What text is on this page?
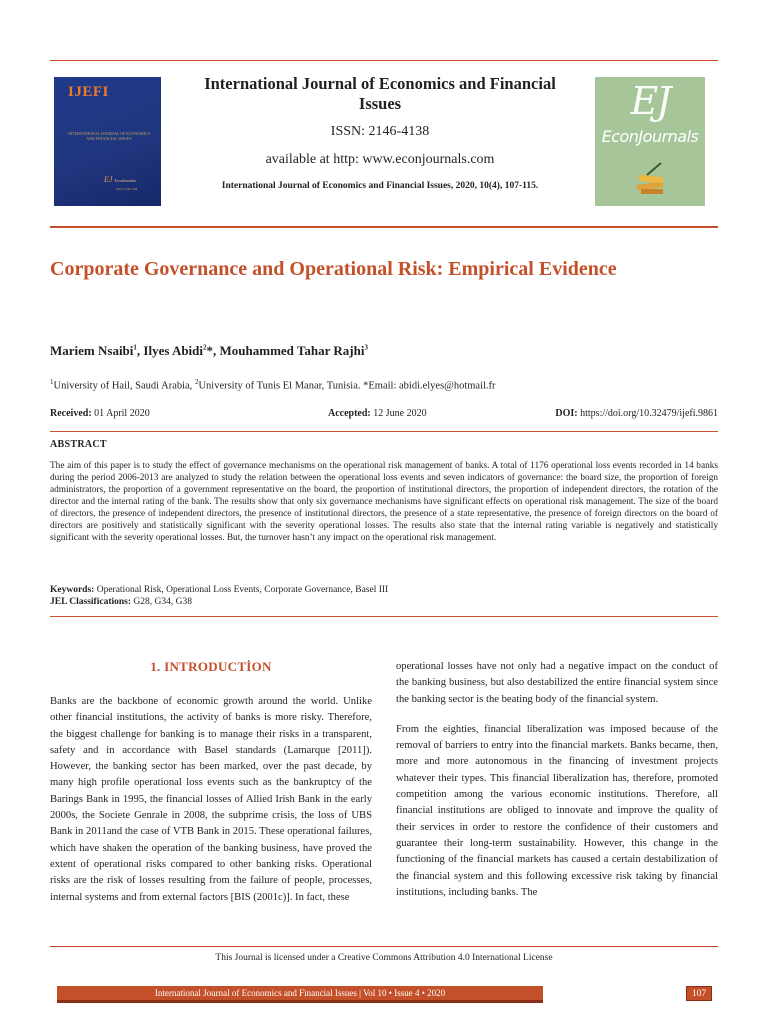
IJEFI
INTERNATIONAL JOURNAL OF ECONOMICS AND FINANCIAL ISSUES
EJ EconJournals
ISSN: 2146-4138
International Journal of Economics and Financial Issues
ISSN: 2146-4138
available at http: www.econjournals.com
International Journal of Economics and Financial Issues, 2020, 10(4), 107-115.
EJ
EconJournals
Corporate Governance and Operational Risk: Empirical Evidence
Mariem Nsaibi$^1$, Ilyes Abidi$^2$*, Mouhammed Tahar Rajhi$^3$
$^1$University of Hail, Saudi Arabia, $^2$University of Tunis El Manar, Tunisia. *Email: abidi.elyes@hotmail.fr
Received: 01 April 2020	Accepted: 12 June 2020	DOI: https://doi.org/10.32479/ijefi.9861
ABSTRACT
The aim of this paper is to study the effect of governance mechanisms on the operational risk management of banks. A total of 1176 operational loss events recorded in 14 banks during the period 2006-2013 are analyzed to study the relation between the operational loss events and seven indicators of governance: the board size, the proportion of foreign administrators, the proportion of a government representative on the board, the proportion of institutional directors, the proportion of independent directors, the rotation of the director and the internal rating of the bank. The results show that only six governance mechanisms have significant effects on operational risk management. The size of the board of directors, the presence of independent directors, the presence of institutional directors, the presence of a state representative, the presence of foreign directors on the board of directors are positively and statistically significant with the severity operational losses. The results also state that the internal rating variable is negatively and statistically significant with the severity operational losses. But, the turnover hasn’t any impact on the operational risk management.
Keywords: Operational Risk, Operational Loss Events, Corporate Governance, Basel III
JEL Classifications: G28, G34, G38
1. INTRODUCTİON

Banks are the backbone of economic growth around the world. Unlike other financial institutions, the activity of banks is more risky. Therefore, the biggest challenge for banking is to manage their risks in a transparent, safety and in accordance with Basel standards (Lamarque [2011]). However, the banking sector has been marked, over the past decade, by many high profile operational loss events such as the bankruptcy of the Barings Bank in 1995, the financial losses of Allied Irish Bank in the early 2000s, the Societe Genrale in 2008, the subprime crisis, the loss of UBS Bank in 2011and the case of VTB Bank in 2015. These operational failures, which have shaken the operation of the banking business, have proved the extent of operational risks compared to other banking risks. Operational risks are the risk of losses resulting from the failure of people, processes, internal systems and from external factors [BIS (2001c)]. In fact, these

operational losses have not only had a negative impact on the conduct of the banking business, but also destabilized the entire financial system since the banking sector is the beating body of the financial system.

From the eighties, financial liberalization was imposed because of the removal of barriers to entry into the financial markets. Banks became, then, more and more autonomous in the financing of investment projects whatever their types. This financial liberalization has, therefore, promoted competition among the various economic institutions. Therefore, all financial institutions are obliged to innovate and improve the quality of their services in order to restore the confidence of their customers and guarantee their long-term sustainability. However, this change in the functioning of the financial markets has caused a certain destabilization of the financial system and this following excessive risk taking by financial institutions, including banks. The

This Journal is licensed under a Creative Commons Attribution 4.0 International License
International Journal of Economics and Financial Issues | Vol 10 • Issue 4 • 2020	107
